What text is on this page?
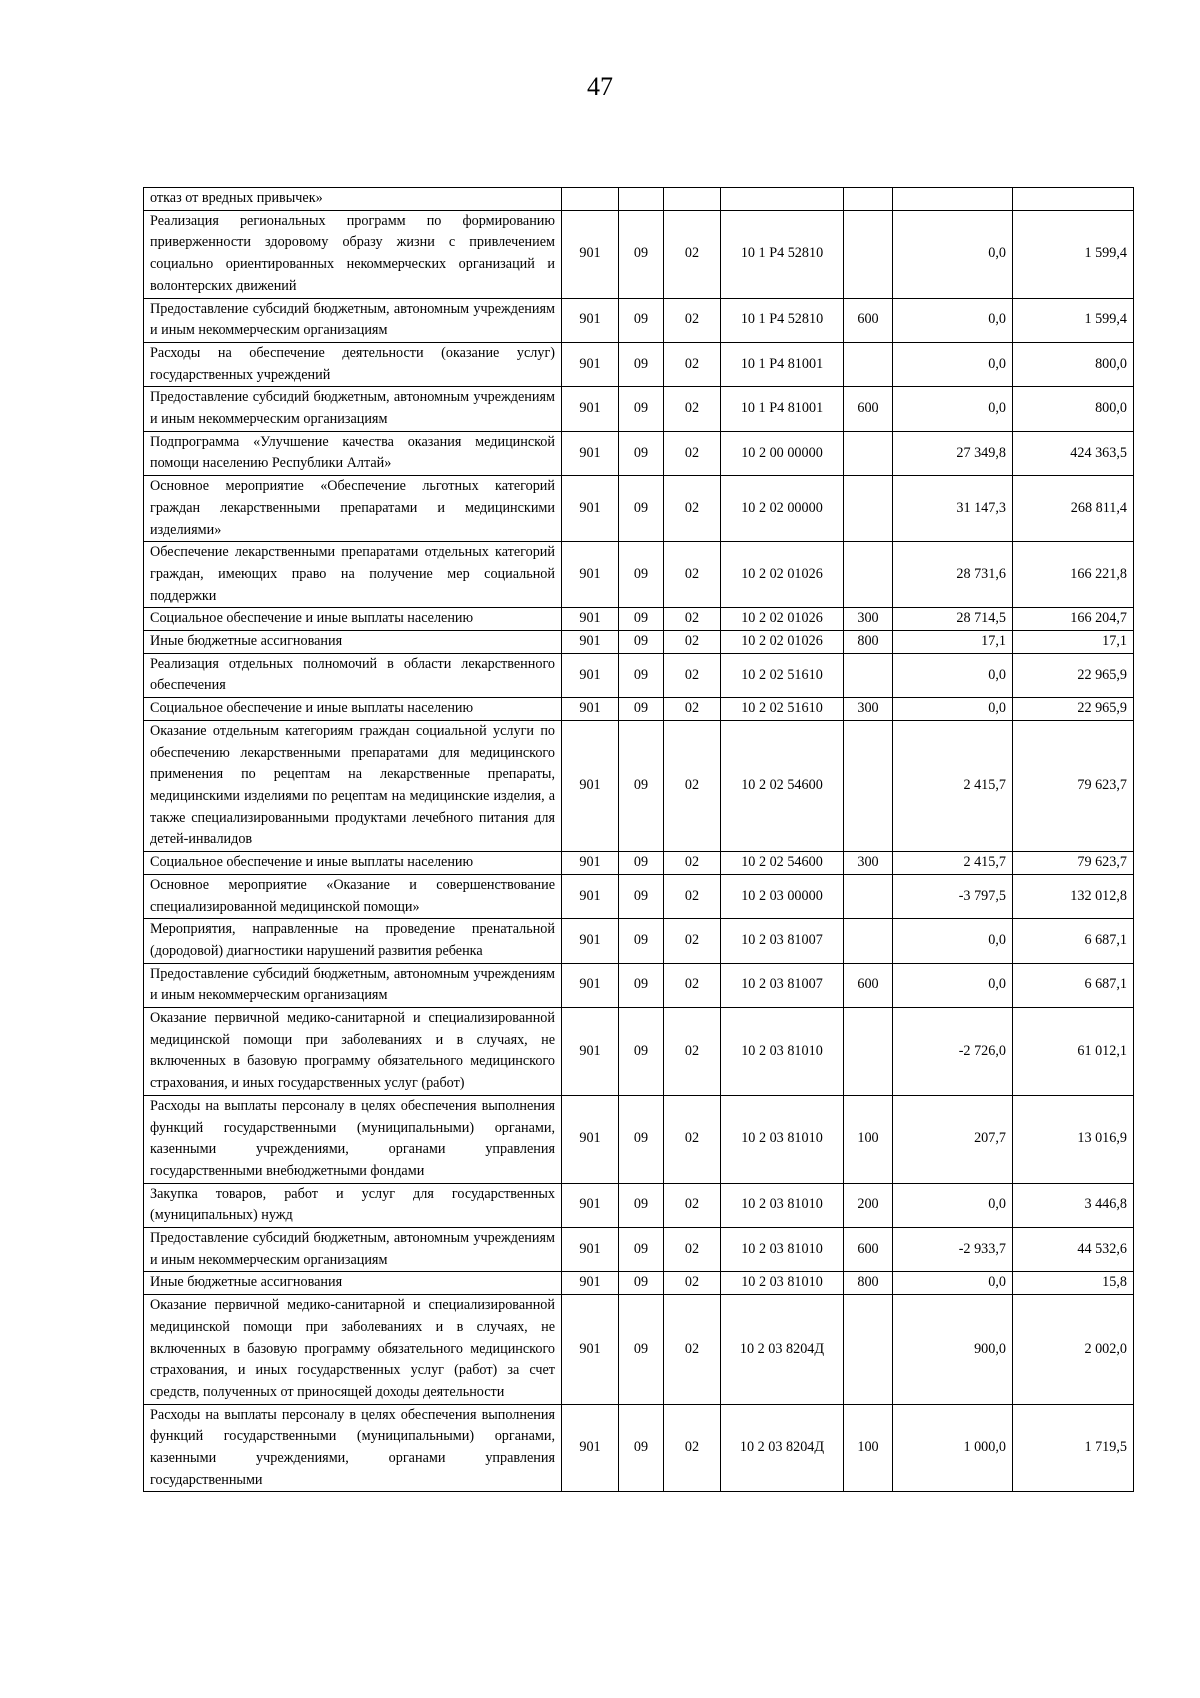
47
отказ от вредных привычек»							
Реализация региональных программ по формированию приверженности здоровому образу жизни с привлечением социально ориентированных некоммерческих организаций и волонтерских движений	901	09	02	10 1 Р4 52810		0,0	1 599,4
Предоставление субсидий бюджетным, автономным учреждениям и иным некоммерческим организациям	901	09	02	10 1 Р4 52810	600	0,0	1 599,4
Расходы на обеспечение деятельности (оказание услуг) государственных учреждений	901	09	02	10 1 Р4 81001		0,0	800,0
Предоставление субсидий бюджетным, автономным учреждениям и иным некоммерческим организациям	901	09	02	10 1 Р4 81001	600	0,0	800,0
Подпрограмма «Улучшение качества оказания медицинской помощи населению Республики Алтай»	901	09	02	10 2 00 00000		27 349,8	424 363,5
Основное мероприятие «Обеспечение льготных категорий граждан лекарственными препаратами и медицинскими изделиями»	901	09	02	10 2 02 00000		31 147,3	268 811,4
Обеспечение лекарственными препаратами отдельных категорий граждан, имеющих право на получение мер социальной поддержки	901	09	02	10 2 02 01026		28 731,6	166 221,8
Социальное обеспечение и иные выплаты населению	901	09	02	10 2 02 01026	300	28 714,5	166 204,7
Иные бюджетные ассигнования	901	09	02	10 2 02 01026	800	17,1	17,1
Реализация отдельных полномочий в области лекарственного обеспечения	901	09	02	10 2 02 51610		0,0	22 965,9
Социальное обеспечение и иные выплаты населению	901	09	02	10 2 02 51610	300	0,0	22 965,9
Оказание отдельным категориям граждан социальной услуги по обеспечению лекарственными препаратами для медицинского применения по рецептам на лекарственные препараты, медицинскими изделиями по рецептам на медицинские изделия, а также специализированными продуктами лечебного питания для детей-инвалидов	901	09	02	10 2 02 54600		2 415,7	79 623,7
Социальное обеспечение и иные выплаты населению	901	09	02	10 2 02 54600	300	2 415,7	79 623,7
Основное мероприятие «Оказание и совершенствование специализированной медицинской помощи»	901	09	02	10 2 03 00000		-3 797,5	132 012,8
Мероприятия, направленные на проведение пренатальной (дородовой) диагностики нарушений развития ребенка	901	09	02	10 2 03 81007		0,0	6 687,1
Предоставление субсидий бюджетным, автономным учреждениям и иным некоммерческим организациям	901	09	02	10 2 03 81007	600	0,0	6 687,1
Оказание первичной медико-санитарной и специализированной медицинской помощи при заболеваниях и в случаях, не включенных в базовую программу обязательного медицинского страхования, и иных государственных услуг (работ)	901	09	02	10 2 03 81010		-2 726,0	61 012,1
Расходы на выплаты персоналу в целях обеспечения выполнения функций государственными (муниципальными) органами, казенными учреждениями, органами управления государственными внебюджетными фондами	901	09	02	10 2 03 81010	100	207,7	13 016,9
Закупка товаров, работ и услуг для государственных (муниципальных) нужд	901	09	02	10 2 03 81010	200	0,0	3 446,8
Предоставление субсидий бюджетным, автономным учреждениям и иным некоммерческим организациям	901	09	02	10 2 03 81010	600	-2 933,7	44 532,6
Иные бюджетные ассигнования	901	09	02	10 2 03 81010	800	0,0	15,8
Оказание первичной медико-санитарной и специализированной медицинской помощи при заболеваниях и в случаях, не включенных в базовую программу обязательного медицинского страхования, и иных государственных услуг (работ) за счет средств, полученных от приносящей доходы деятельности	901	09	02	10 2 03 8204Д		900,0	2 002,0
Расходы на выплаты персоналу в целях обеспечения выполнения функций государственными (муниципальными) органами, казенными учреждениями, органами управления государственными	901	09	02	10 2 03 8204Д	100	1 000,0	1 719,5
